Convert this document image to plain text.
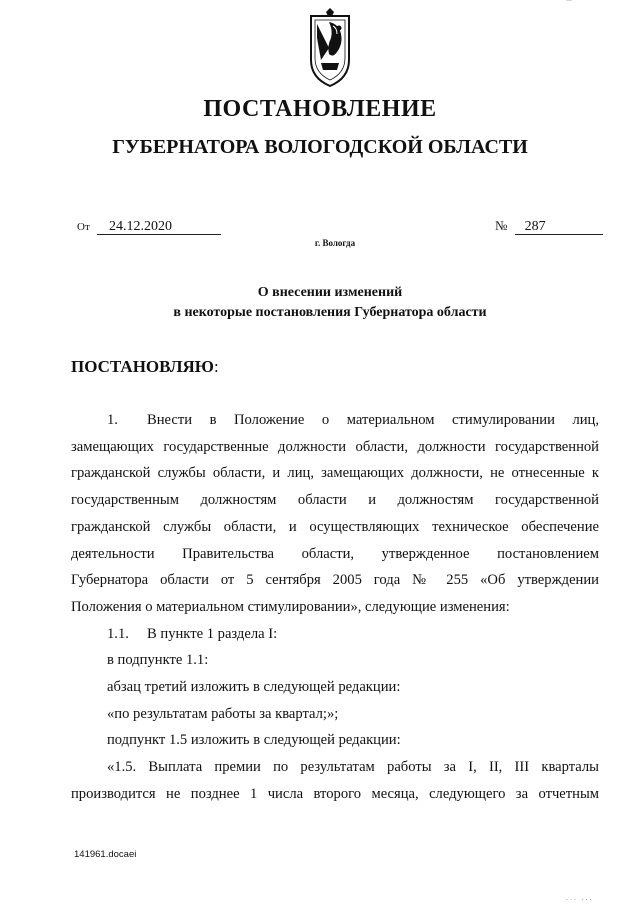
ПОСТАНОВЛЕНИЕ
ГУБЕРНАТОРА ВОЛОГОДСКОЙ ОБЛАСТИ
От 24.12.2020	№ 287
г. Вологда
О внесении изменений
в некоторые постановления Губернатора области

ПОСТАНОВЛЯЮ:

1. Внести в Положение о материальном стимулировании лиц,

замещающих государственные должности области, должности государственной

гражданской службы области, и лиц, замещающих должности, не отнесенные к

государственным должностям области и должностям государственной

гражданской службы области, и осуществляющих техническое обеспечение

деятельности Правительства области, утвержденное постановлением

Губернатора области от 5 сентября 2005 года № 255 «Об утверждении

Положения о материальном стимулировании», следующие изменения:

1.1. В пункте 1 раздела I:

в подпункте 1.1:

абзац третий изложить в следующей редакции:

«по результатам работы за квартал;»;

подпункт 1.5 изложить в следующей редакции:

«1.5. Выплата премии по результатам работы за I, II, III кварталы

производится не позднее 1 числа второго месяца, следующего за отчетным

141961.docaei
... ...
